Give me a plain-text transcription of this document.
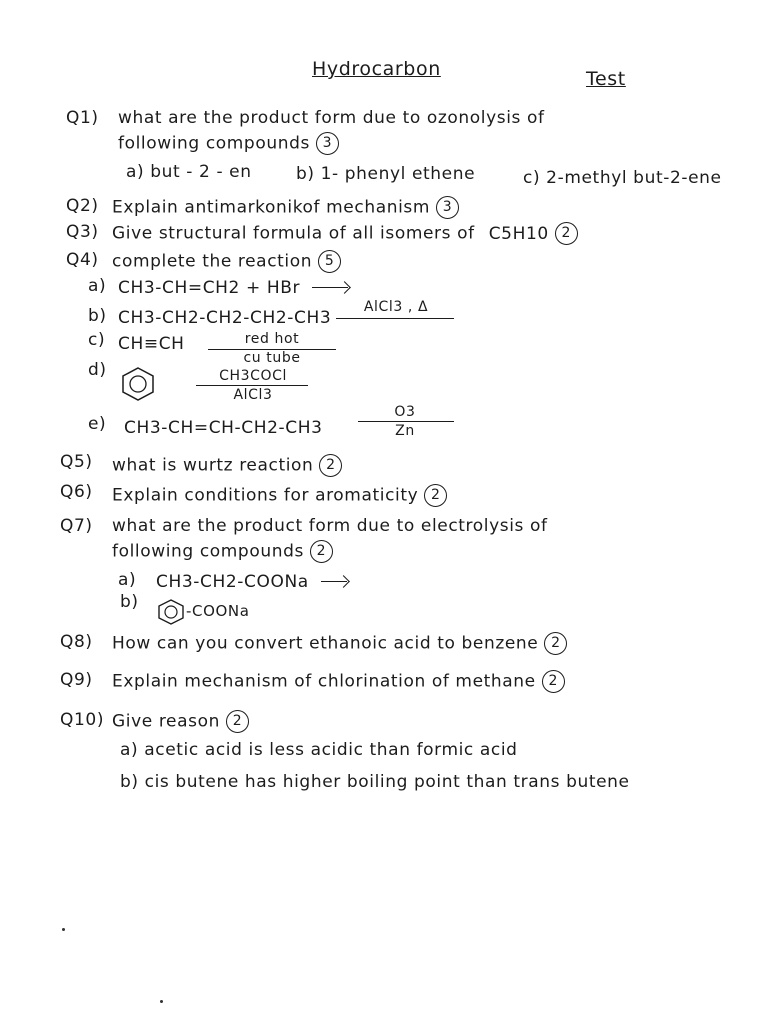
Hydrocarbon	Test
Q1) what are the product form due to ozonolysis of
following compounds 3
a) but - 2 - en	b) 1- phenyl ethene	c) 2-methyl but-2-ene
Q2) Explain antimarkonikof mechanism 3
Q3) Give structural formula of all isomers of C5H10 2
Q4) complete the reaction 5
a) CH3-CH=CH2 + HBr
b) CH3-CH2-CH2-CH2-CH3
AlCl3 , Δ
c) CH≡CH	red hot
cu tube
d)	CH3COCl
AlCl3
e) CH3-CH=CH-CH2-CH3
O3
Zn
Q5) what is wurtz reaction 2
Q6) Explain conditions for aromaticity 2
Q7) what are the product form due to electrolysis of
following compounds 2
a) CH3-CH2-COONa
b)	-COONa
Q8) How can you convert ethanoic acid to benzene 2
Q9) Explain mechanism of chlorination of methane 2
Q10) Give reason 2
a) acetic acid is less acidic than formic acid
b) cis butene has higher boiling point than trans butene
